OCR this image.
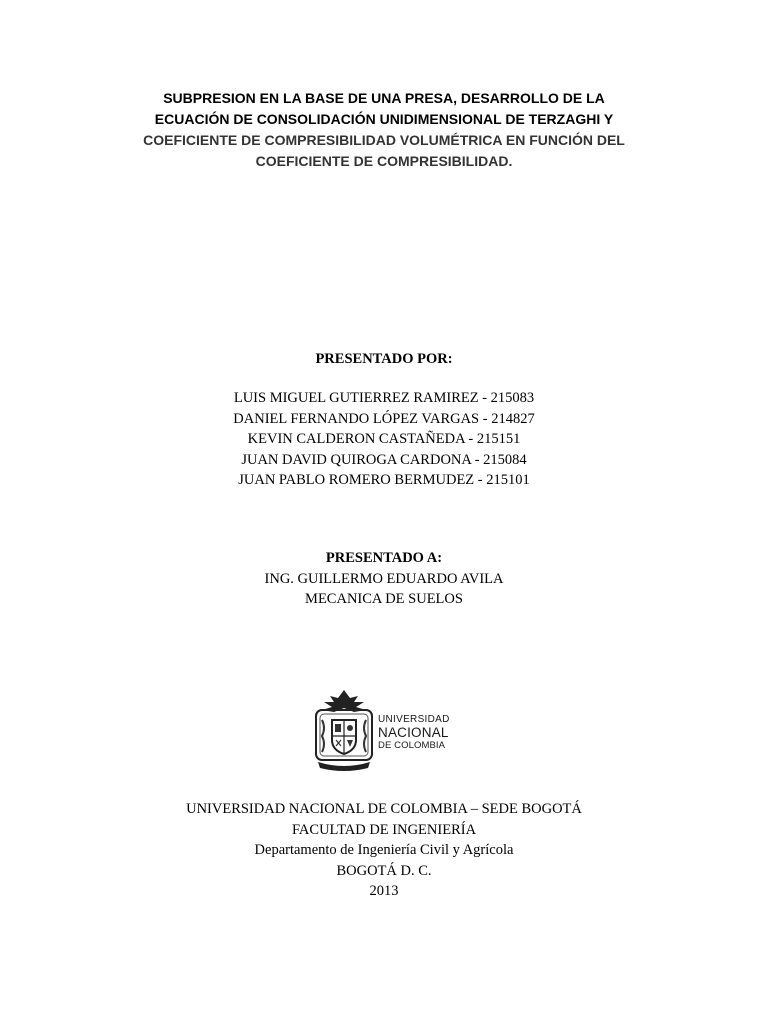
SUBPRESION EN LA BASE DE UNA PRESA, DESARROLLO DE LA
ECUACIÓN DE CONSOLIDACIÓN UNIDIMENSIONAL DE TERZAGHI Y
COEFICIENTE DE COMPRESIBILIDAD VOLUMÉTRICA EN FUNCIÓN DEL
COEFICIENTE DE COMPRESIBILIDAD.
PRESENTADO POR:
LUIS MIGUEL GUTIERREZ RAMIREZ - 215083
DANIEL FERNANDO LÓPEZ VARGAS - 214827
KEVIN CALDERON CASTAÑEDA - 215151
JUAN DAVID QUIROGA CARDONA - 215084
JUAN PABLO ROMERO BERMUDEZ - 215101
PRESENTADO A:
ING. GUILLERMO EDUARDO AVILA
MECANICA DE SUELOS
UNIVERSIDAD
NACIONAL
DE COLOMBIA
UNIVERSIDAD NACIONAL DE COLOMBIA – SEDE BOGOTÁ
FACULTAD DE INGENIERÍA
Departamento de Ingeniería Civil y Agrícola
BOGOTÁ D. C.
2013
